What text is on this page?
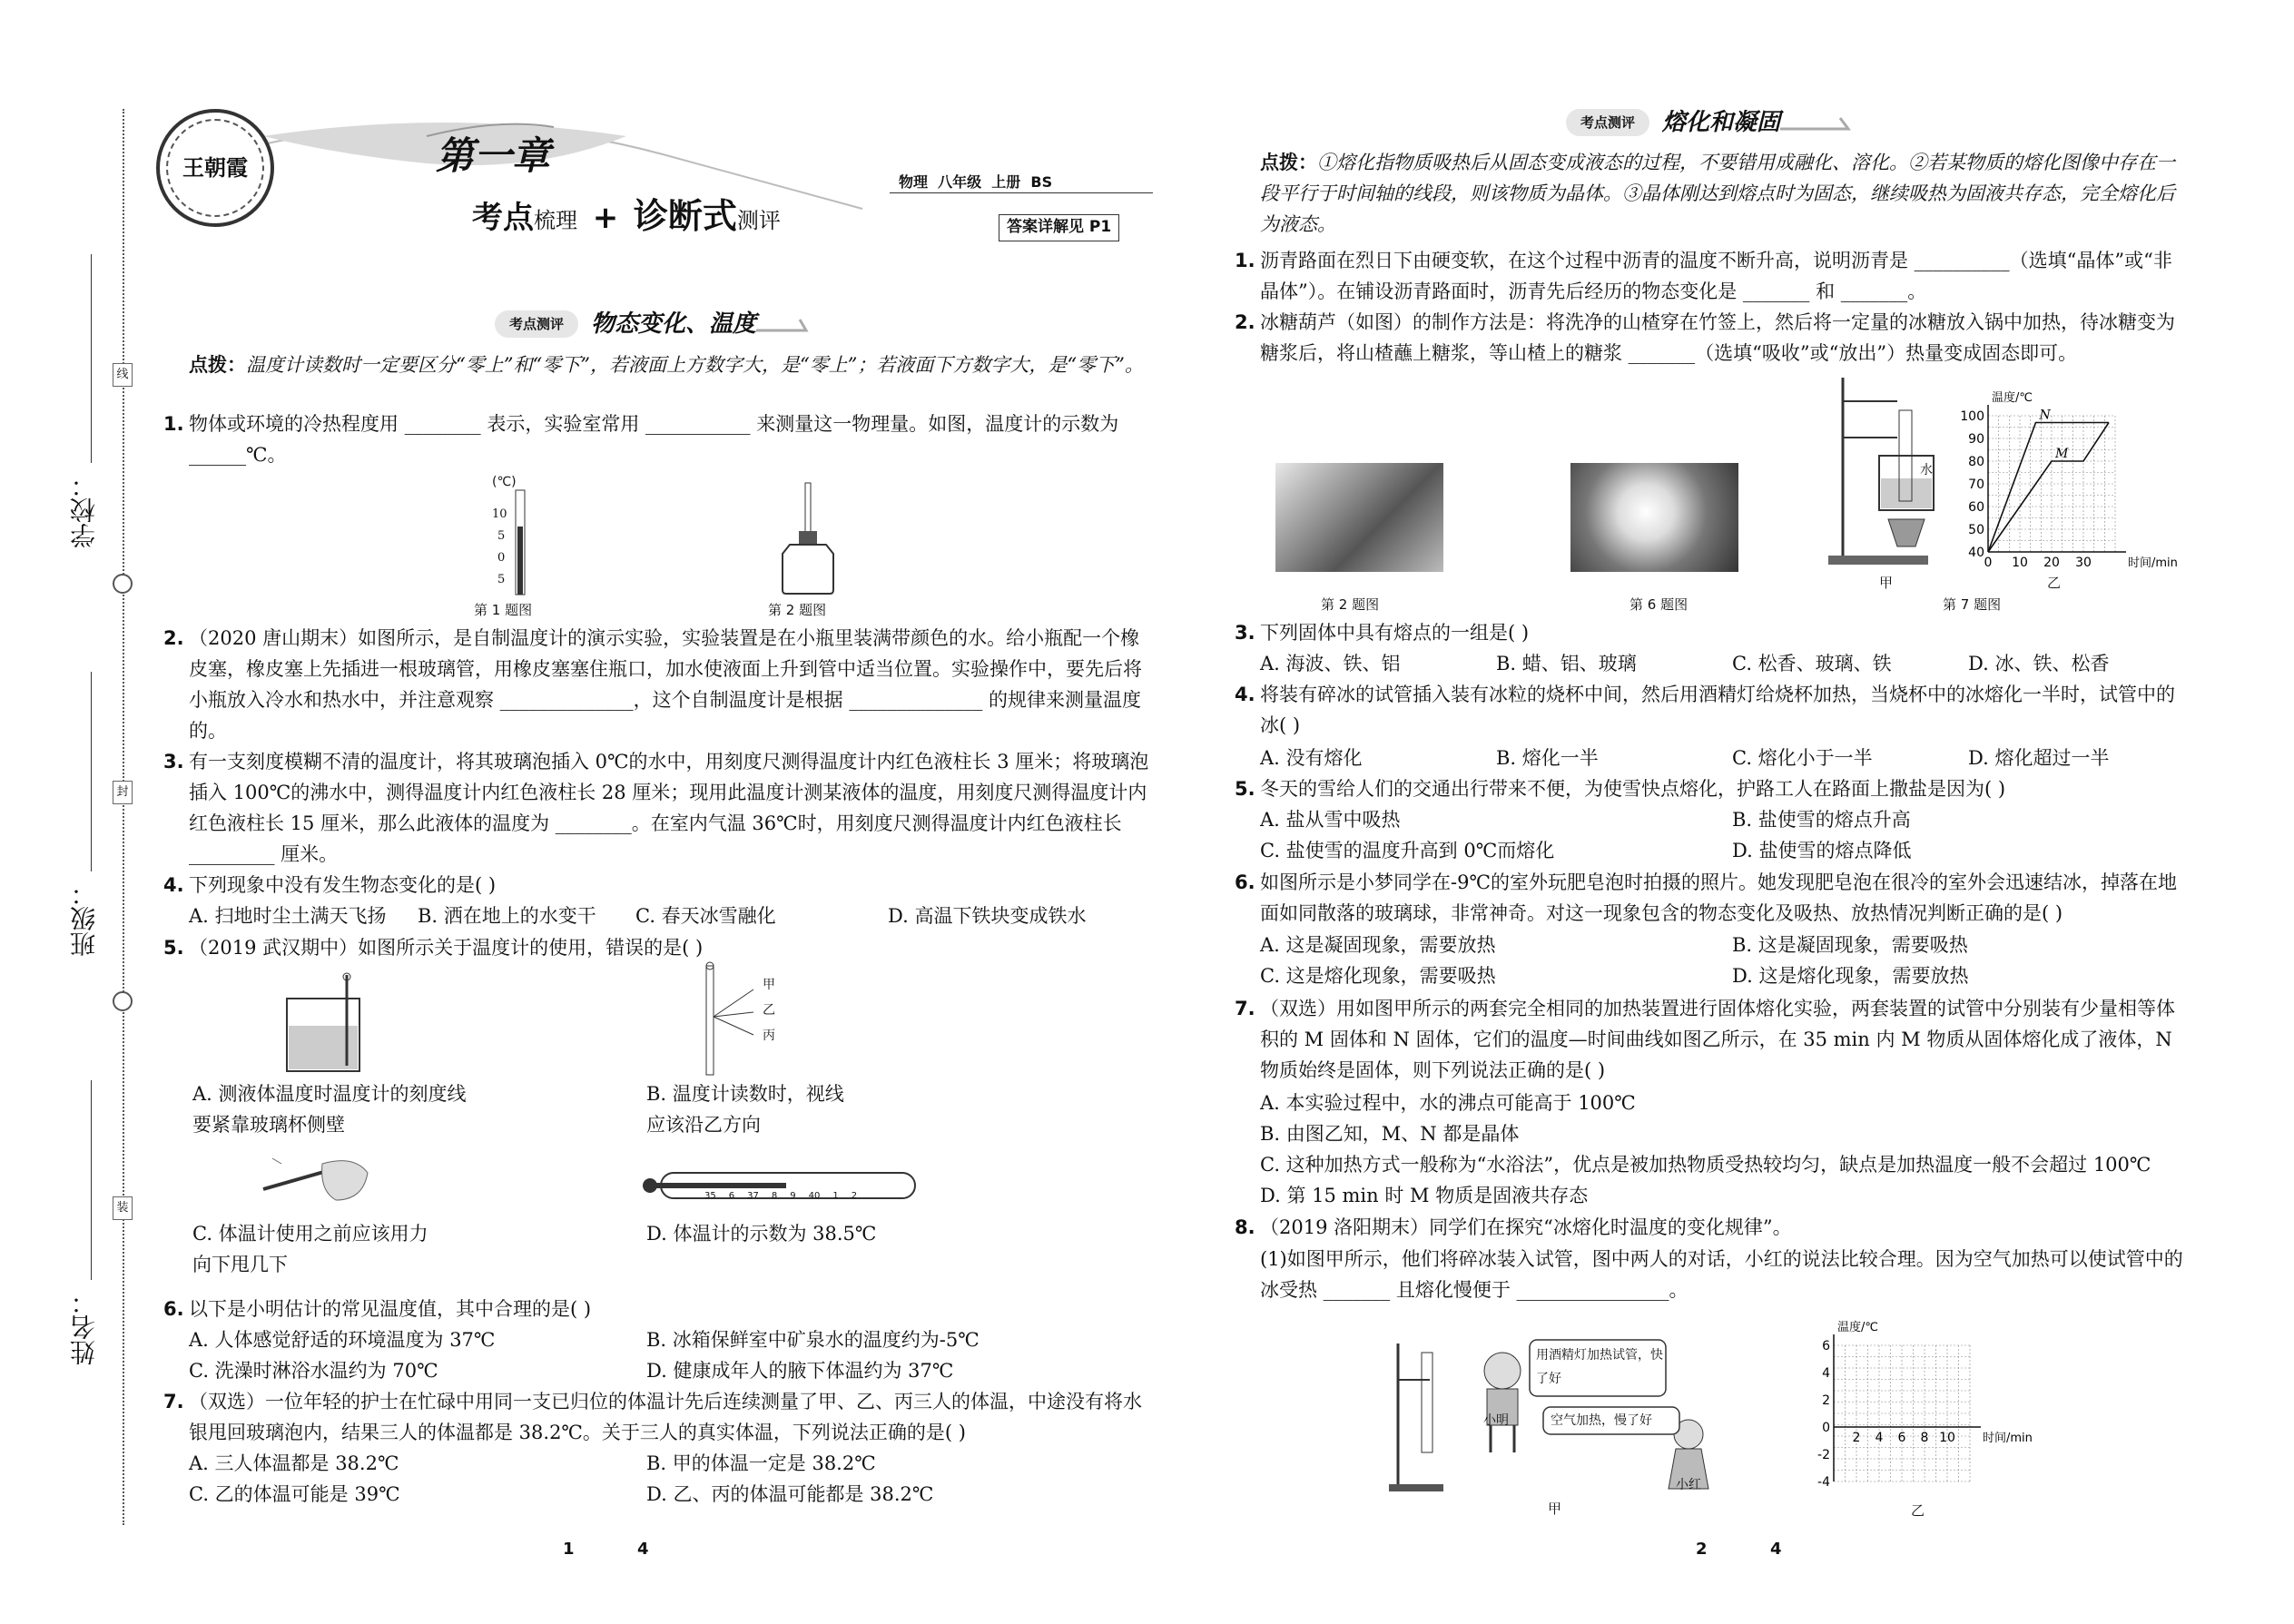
学校：
线
班级：
封
姓名：
装
王朝霞	第一章
考点梳理 + 诊断式测评
物理  八年级  上册  BS
答案详解见 P1
考点测评	物态变化、温度
点拨：温度计读数时一定要区分“零上”和“零下”，若液面上方数字大，是“零上”；若液面下方数字大，是“零下”。
1. 物体或环境的冷热程度用 ________ 表示，实验室常用 ___________ 来测量这一物理量。如图，温度计的示数为 ______℃。
(℃)
10
5
0
5
第 1 题图	第 2 题图
2. （2020 唐山期末）如图所示，是自制温度计的演示实验，实验装置是在小瓶里装满带颜色的水。给小瓶配一个橡皮塞，橡皮塞上先插进一根玻璃管，用橡皮塞塞住瓶口，加水使液面上升到管中适当位置。实验操作中，要先后将小瓶放入冷水和热水中，并注意观察 ______________，这个自制温度计是根据 ______________ 的规律来测量温度的。
3. 有一支刻度模糊不清的温度计，将其玻璃泡插入 0℃的水中，用刻度尺测得温度计内红色液柱长 3 厘米；将玻璃泡插入 100℃的沸水中，测得温度计内红色液柱长 28 厘米；现用此温度计测某液体的温度，用刻度尺测得温度计内红色液柱长 15 厘米，那么此液体的温度为 ________。在室内气温 36℃时，用刻度尺测得温度计内红色液柱长 _________ 厘米。
4. 下列现象中没有发生物态变化的是( )
A. 扫地时尘土满天飞扬 B. 洒在地上的水变干 C. 春天冰雪融化	D. 高温下铁块变成铁水
5. （2019 武汉期中）如图所示关于温度计的使用，错误的是( )
A. 测液体温度时温度计的刻度线要紧靠玻璃杯侧壁
甲
乙
丙
B. 温度计读数时，视线应该沿乙方向
C. 体温计使用之前应该用力向下甩几下
35 6 37 8 9 40 1 2
D. 体温计的示数为 38.5℃
6. 以下是小明估计的常见温度值，其中合理的是( )
A. 人体感觉舒适的环境温度为 37℃	B. 冰箱保鲜室中矿泉水的温度约为-5℃
C. 洗澡时淋浴水温约为 70℃	D. 健康成年人的腋下体温约为 37℃
7. （双选）一位年轻的护士在忙碌中用同一支已归位的体温计先后连续测量了甲、乙、丙三人的体温，中途没有将水银甩回玻璃泡内，结果三人的体温都是 38.2℃。关于三人的真实体温，下列说法正确的是( )
A. 三人体温都是 38.2℃	B. 甲的体温一定是 38.2℃
C. 乙的体温可能是 39℃	D. 乙、丙的体温可能都是 38.2℃
1	4
考点测评	熔化和凝固
点拨：①熔化指物质吸热后从固态变成液态的过程，不要错用成融化、溶化。②若某物质的熔化图像中存在一段平行于时间轴的线段，则该物质为晶体。③晶体刚达到熔点时为固态，继续吸热为固液共存态，完全熔化后为液态。
1. 沥青路面在烈日下由硬变软，在这个过程中沥青的温度不断升高，说明沥青是 __________（选填“晶体”或“非晶体”）。在铺设沥青路面时，沥青先后经历的物态变化是 _______ 和 _______。
2. 冰糖葫芦（如图）的制作方法是：将洗净的山楂穿在竹签上，然后将一定量的冰糖放入锅中加热，待冰糖变为糖浆后，将山楂蘸上糖浆，等山楂上的糖浆 _______（选填“吸收”或“放出”）热量变成固态即可。
第 2 题图	第 6 题图
水
甲
40
50
60
70
80
90
100
0 10 20 30
温度/℃
时间/min
N
M
乙
第 7 题图
3. 下列固体中具有熔点的一组是( )
A. 海波、铁、铝	B. 蜡、铝、玻璃	C. 松香、玻璃、铁	D. 冰、铁、松香
4. 将装有碎冰的试管插入装有冰粒的烧杯中间，然后用酒精灯给烧杯加热，当烧杯中的冰熔化一半时，试管中的冰( )
A. 没有熔化	B. 熔化一半	C. 熔化小于一半	D. 熔化超过一半
5. 冬天的雪给人们的交通出行带来不便，为使雪快点熔化，护路工人在路面上撒盐是因为( )
A. 盐从雪中吸热	B. 盐使雪的熔点升高
C. 盐使雪的温度升高到 0℃而熔化	D. 盐使雪的熔点降低
6. 如图所示是小梦同学在-9℃的室外玩肥皂泡时拍摄的照片。她发现肥皂泡在很冷的室外会迅速结冰，掉落在地面如同散落的玻璃球，非常神奇。对这一现象包含的物态变化及吸热、放热情况判断正确的是( )
A. 这是凝固现象，需要放热	B. 这是凝固现象，需要吸热
C. 这是熔化现象，需要吸热	D. 这是熔化现象，需要放热
7. （双选）用如图甲所示的两套完全相同的加热装置进行固体熔化实验，两套装置的试管中分别装有少量相等体积的 M 固体和 N 固体，它们的温度—时间曲线如图乙所示，在 35 min 内 M 物质从固体熔化成了液体，N 物质始终是固体，则下列说法正确的是( )
A. 本实验过程中，水的沸点可能高于 100℃
B. 由图乙知，M、N 都是晶体
C. 这种加热方式一般称为“水浴法”，优点是被加热物质受热较均匀，缺点是加热温度一般不会超过 100℃
D. 第 15 min 时 M 物质是固液共存态
8. （2019 洛阳期末）同学们在探究“冰熔化时温度的变化规律”。
(1)如图甲所示，他们将碎冰装入试管，图中两人的对话，小红的说法比较合理。因为空气加热可以使试管中的冰受热 _______ 且熔化慢便于 ________________。
用酒精灯加热试管，快了好
空气加热，慢了好
小明
小红
甲
-4
-2
0
2
4
6
2 4 6 8 10
温度/℃
时间/min
乙
2	4
